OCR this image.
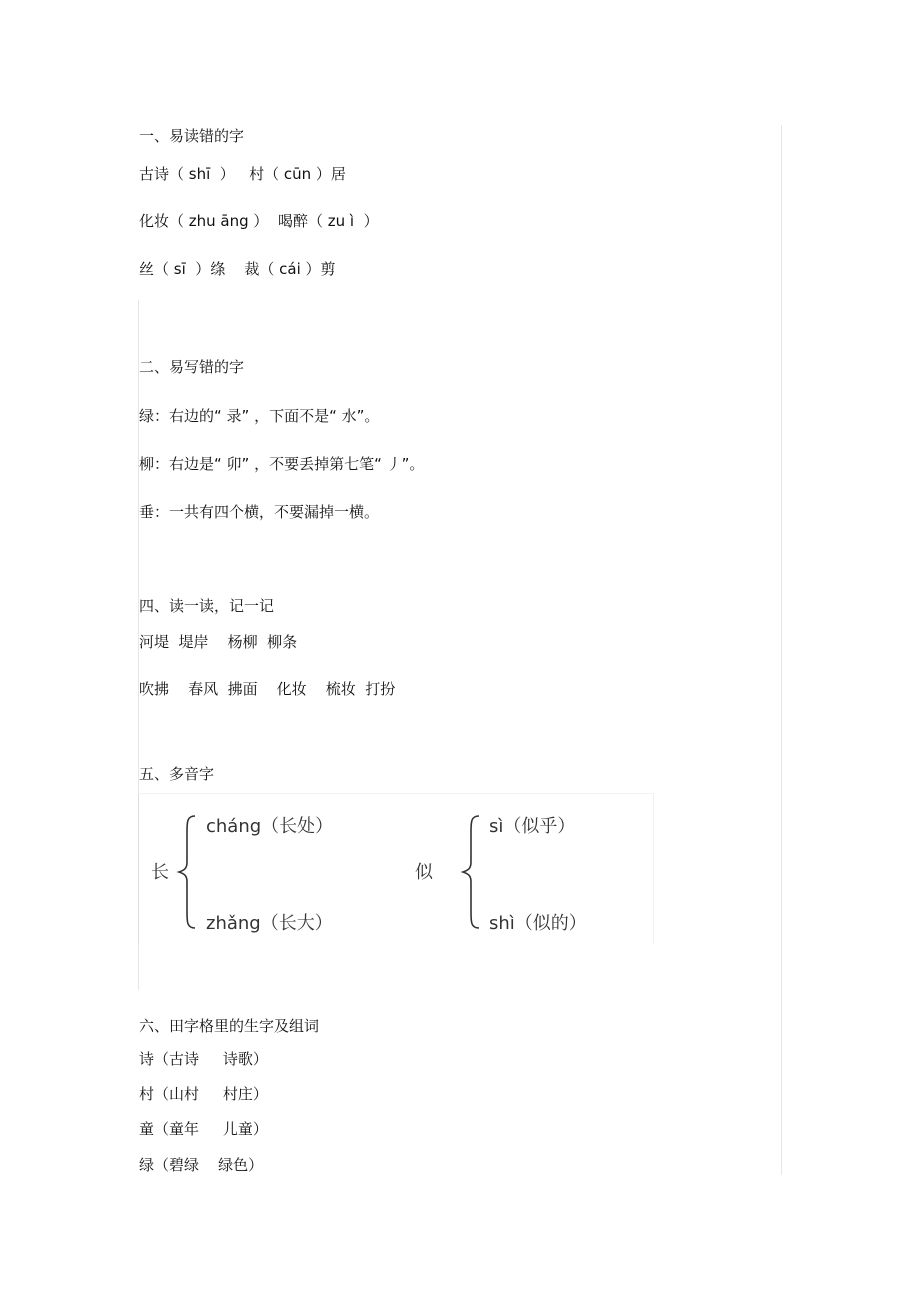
一、易读错的字
古诗（ shī  ）   村（ cūn ）居
化妆（ zhu āng ）  喝醉（ zu ì  ）
丝（ sī  ）绦    裁（ cái ）剪
二、易写错的字
绿：右边的“ 录” ，下面不是“ 水”。
柳：右边是“ 卯” ，不要丢掉第七笔“ 丿”。
垂：一共有四个横，不要漏掉一横。
四、读一读，记一记
河堤  堤岸    杨柳  柳条
吹拂    春风  拂面    化妆    梳妆  打扮
五、多音字
长
cháng（长处）
zhǎng（长大）
似
sì（似乎）
shì（似的）
六、田字格里的生字及组词
诗（古诗     诗歌）
村（山村     村庄）
童（童年     儿童）
绿（碧绿    绿色）
